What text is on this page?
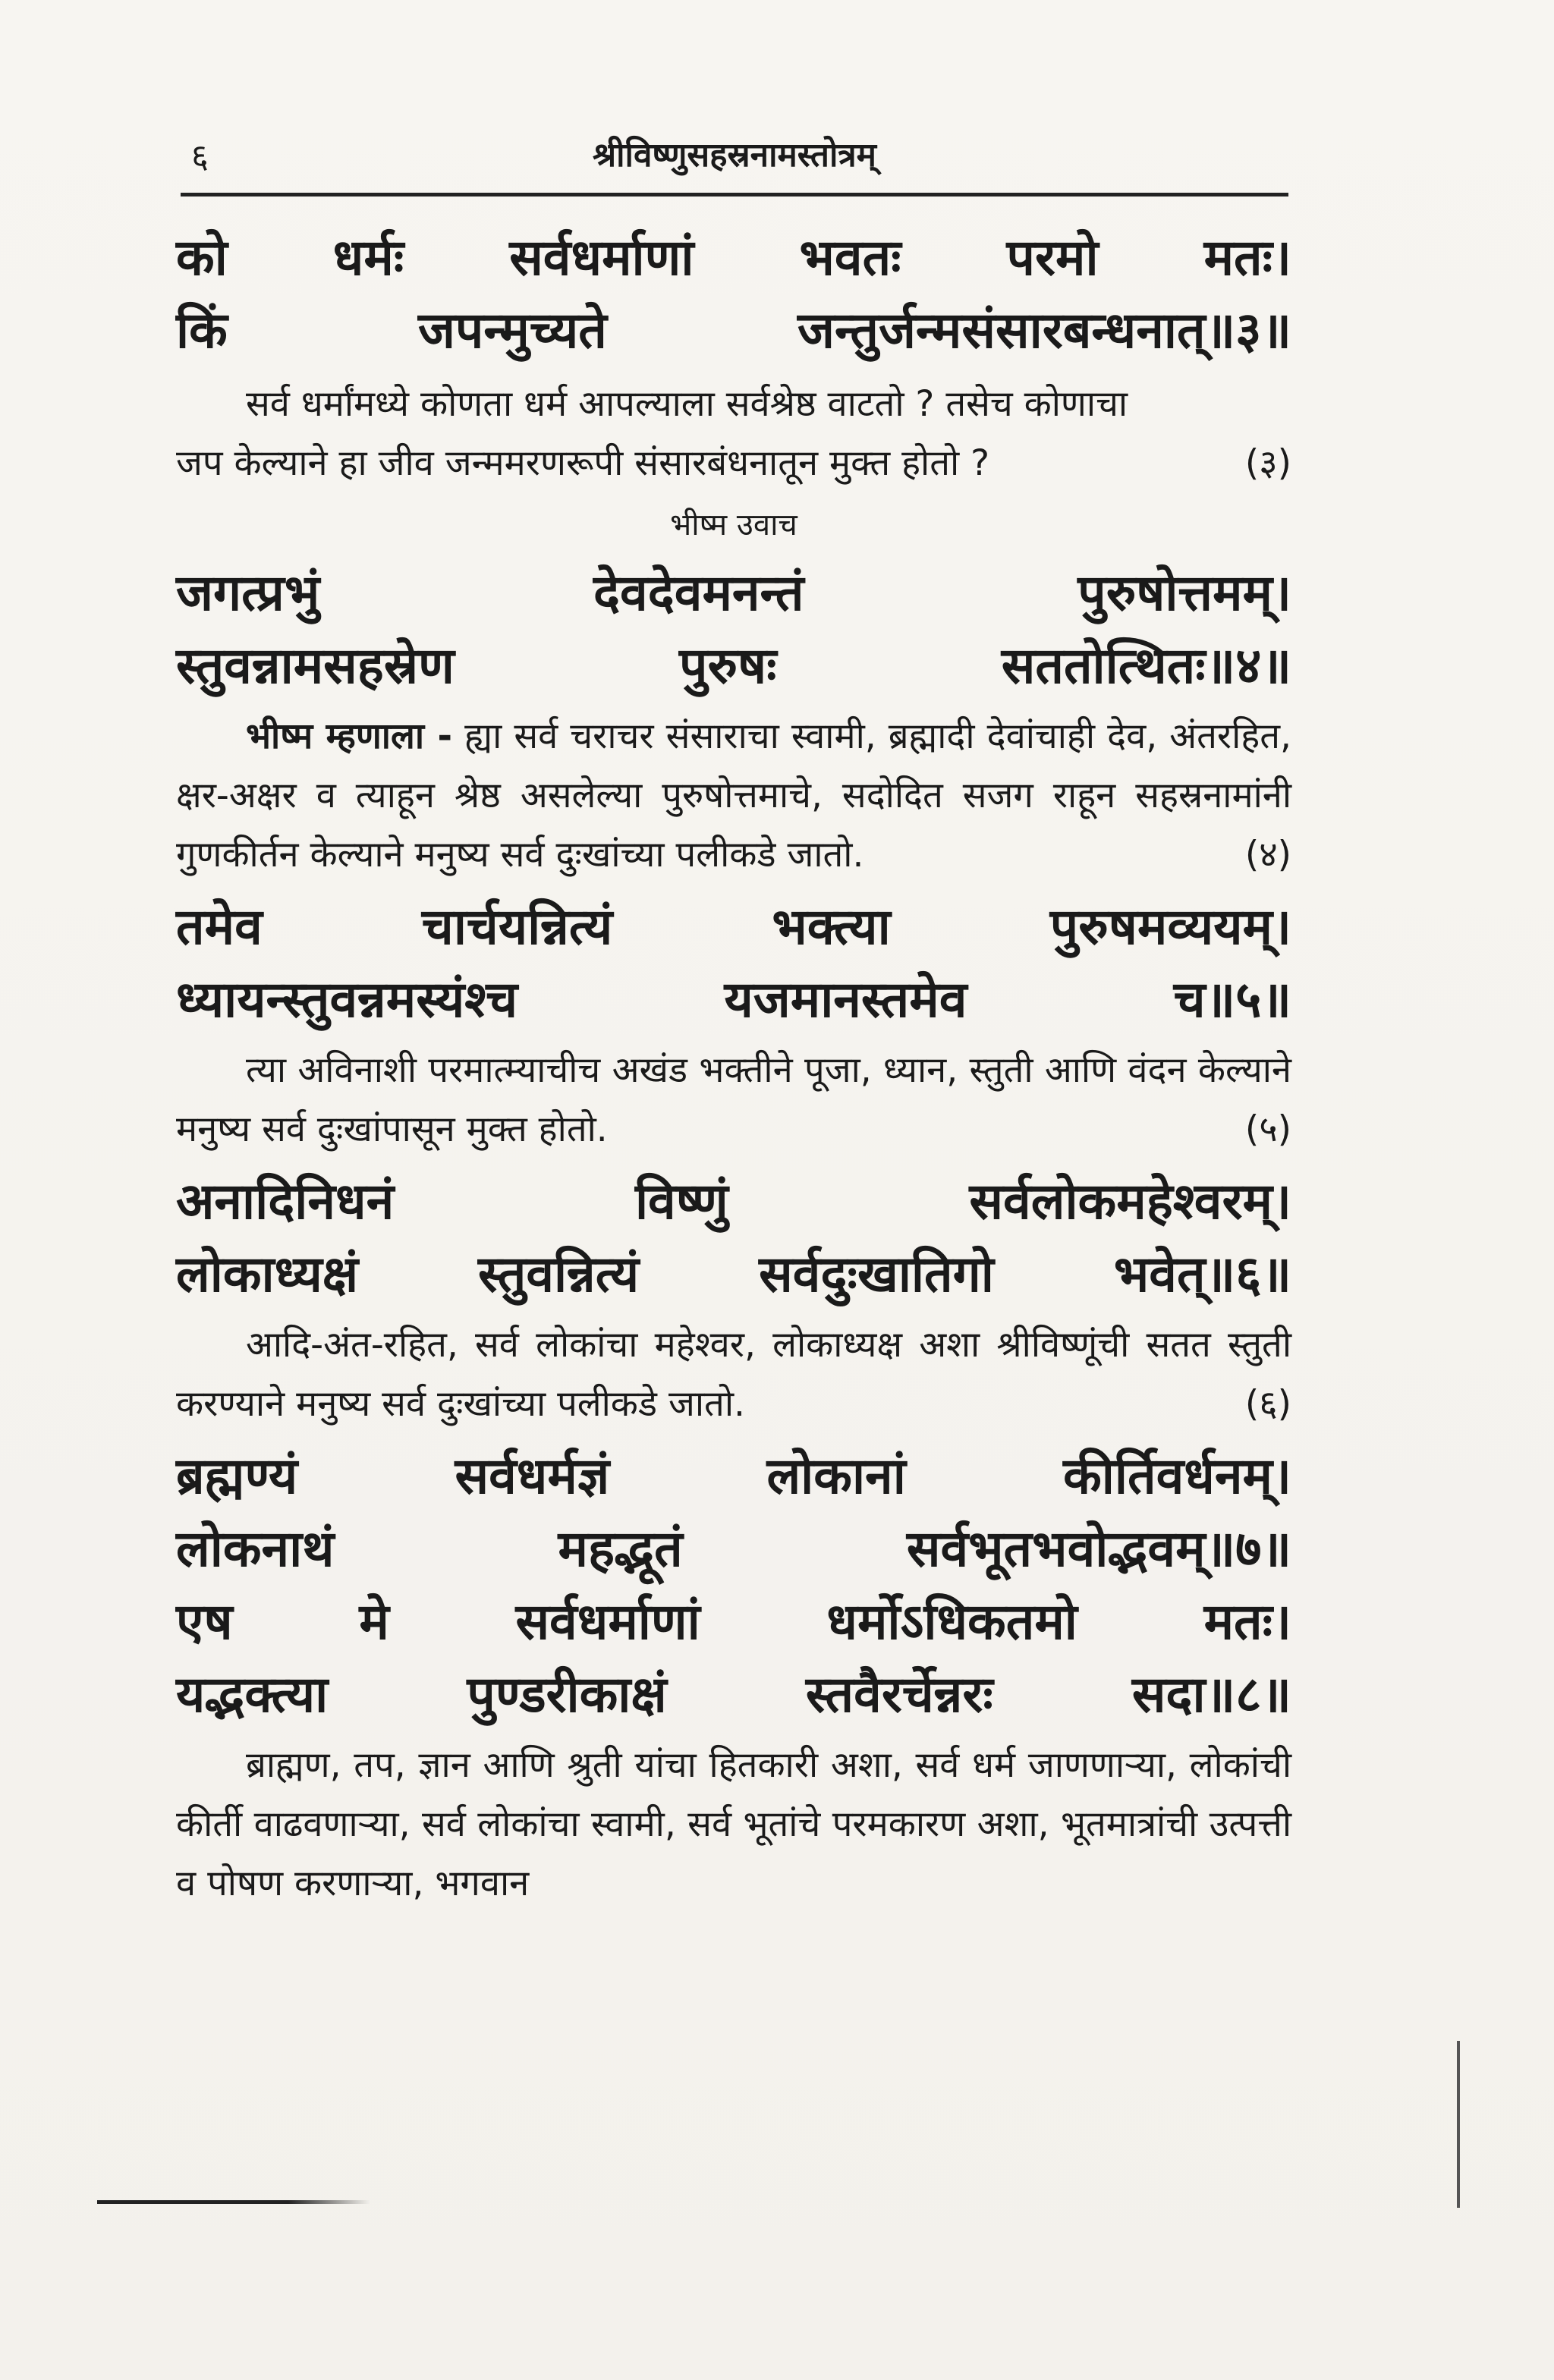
६	श्रीविष्णुसहस्रनामस्तोत्रम्
को धर्मः सर्वधर्माणां भवतः परमो मतः।
किं	जपन्मुच्यते	जन्तुर्जन्मसंसारबन्धनात्॥३॥
सर्व धर्मांमध्ये कोणता धर्म आपल्याला सर्वश्रेष्ठ वाटतो ? तसेच कोणाचा
जप केल्याने हा जीव जन्ममरणरूपी संसारबंधनातून मुक्त होतो ?	(३)
भीष्म उवाच
जगत्प्रभुं	देवदेवमनन्तं	पुरुषोत्तमम्।
स्तुवन्नामसहस्रेण	पुरुषः	सततोत्थितः॥४॥
भीष्म म्हणाला - ह्या सर्व चराचर संसाराचा स्वामी, ब्रह्मादी देवांचाही देव, अंतरहित, क्षर-अक्षर व त्याहून श्रेष्ठ असलेल्या पुरुषोत्तमाचे, सदोदित सजग राहून सहस्रनामांनी गुणकीर्तन केल्याने मनुष्य सर्व दुःखांच्या पलीकडे जातो.	(४)
तमेव	चार्चयन्नित्यं	भक्त्या	पुरुषमव्ययम्।
ध्यायन्स्तुवन्नमस्यंश्च	यजमानस्तमेव	च॥५॥
त्या अविनाशी परमात्म्याचीच अखंड भक्तीने पूजा, ध्यान, स्तुती आणि वंदन केल्याने मनुष्य सर्व दुःखांपासून मुक्त होतो.	(५)
अनादिनिधनं	विष्णुं	सर्वलोकमहेश्वरम्।
लोकाध्यक्षं स्तुवन्नित्यं सर्वदुःखातिगो भवेत्॥६॥
आदि-अंत-रहित, सर्व लोकांचा महेश्वर, लोकाध्यक्ष अशा श्रीविष्णूंची सतत स्तुती करण्याने मनुष्य सर्व दुःखांच्या पलीकडे जातो.	(६)
ब्रह्मण्यं	सर्वधर्मज्ञं	लोकानां	कीर्तिवर्धनम्।
लोकनाथं	महद्भूतं	सर्वभूतभवोद्भवम्॥७॥
एष	मे	सर्वधर्माणां	धर्मोऽधिकतमो	मतः।
यद्भक्त्या	पुण्डरीकाक्षं	स्तवैरर्चेन्नरः	सदा॥८॥
ब्राह्मण, तप, ज्ञान आणि श्रुती यांचा हितकारी अशा, सर्व धर्म जाणणाऱ्या, लोकांची कीर्ती वाढवणाऱ्या, सर्व लोकांचा स्वामी, सर्व भूतांचे परमकारण अशा, भूतमात्रांची उत्पत्ती व पोषण करणाऱ्या, भगवान
